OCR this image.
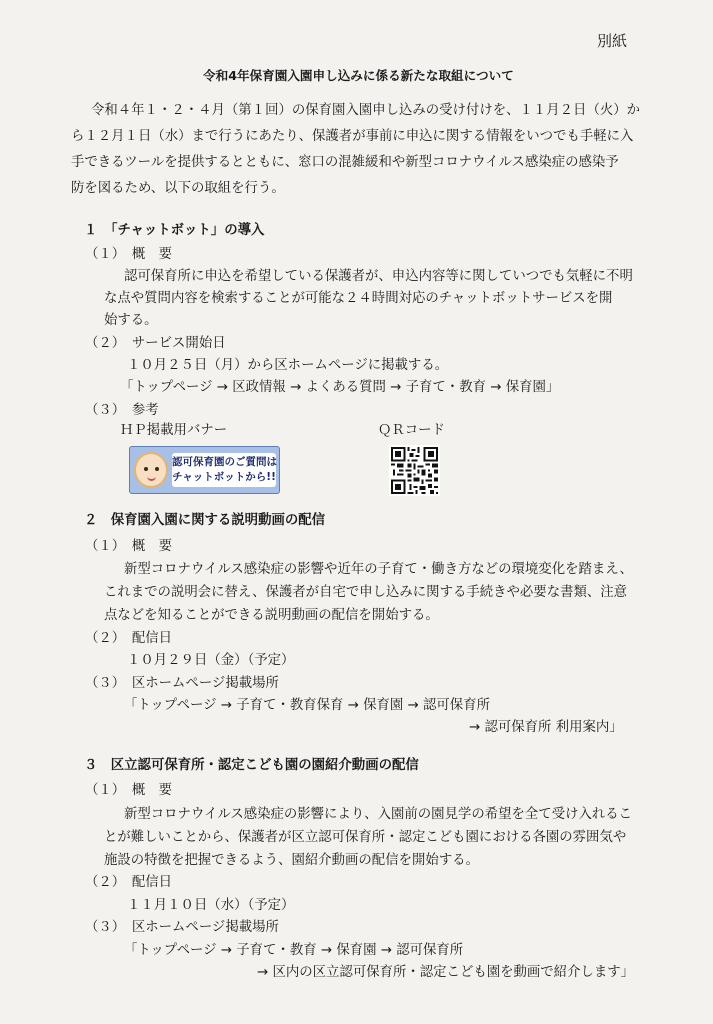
別紙
令和4年保育園入園申し込みに係る新たな取組について
令和４年１・２・４月（第１回）の保育園入園申し込みの受け付けを、１１月２日（火）か
ら１２月１日（水）まで行うにあたり、保護者が事前に申込に関する情報をいつでも手軽に入
手できるツールを提供するとともに、窓口の混雑緩和や新型コロナウイルス感染症の感染予
防を図るため、以下の取組を行う。
１　「チャットボット」の導入
（１）　概　要
認可保育所に申込を希望している保護者が、申込内容等に関していつでも気軽に不明
な点や質問内容を検索することが可能な２４時間対応のチャットボットサービスを開
始する。
（２）　サービス開始日
１０月２５日（月）から区ホームページに掲載する。
「トップページ → 区政情報 → よくある質問 → 子育て・教育 → 保育園」
（３）　参考
ＨＰ掲載用バナー	ＱＲコード
認可保育園のご質問は
チャットボットから!!
２　保育園入園に関する説明動画の配信
（１）　概　要
新型コロナウイルス感染症の影響や近年の子育て・働き方などの環境変化を踏まえ、
これまでの説明会に替え、保護者が自宅で申し込みに関する手続きや必要な書類、注意
点などを知ることができる説明動画の配信を開始する。
（２）　配信日
１０月２９日（金）（予定）
（３）　区ホームページ掲載場所
「トップページ → 子育て・教育保育 → 保育園 → 認可保育所
→ 認可保育所 利用案内」
３　区立認可保育所・認定こども園の園紹介動画の配信
（１）　概　要
新型コロナウイルス感染症の影響により、入園前の園見学の希望を全て受け入れるこ
とが難しいことから、保護者が区立認可保育所・認定こども園における各園の雰囲気や
施設の特徴を把握できるよう、園紹介動画の配信を開始する。
（２）　配信日
１１月１０日（水）（予定）
（３）　区ホームページ掲載場所
「トップページ → 子育て・教育 → 保育園 → 認可保育所
→ 区内の区立認可保育所・認定こども園を動画で紹介します」
